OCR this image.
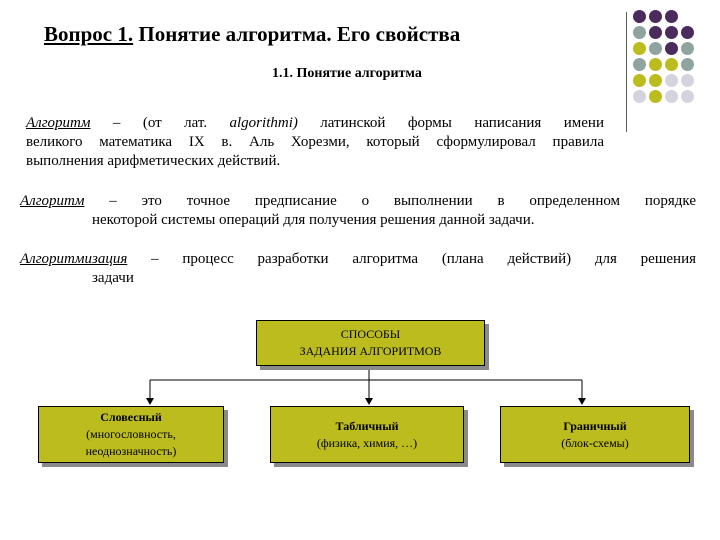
Вопрос 1. Понятие алгоритма. Его свойства
1.1. Понятие алгоритма
Алгоритм – (от лат. algorithmi) латинской формы написания имени
великого математика IX в. Аль Хорезми, который сформулировал правила
выполнения арифметических действий.
Алгоритм – это точное предписание о выполнении в определенном порядке
некоторой системы операций для получения решения данной задачи.
Алгоритмизация – процесс разработки алгоритма (плана действий) для решения
задачи
СПОСОБЫ
ЗАДАНИЯ АЛГОРИТМОВ
Словесный
(многословность,
неоднозначность)
Табличный
(физика, химия, …)
Граничный
(блок-схемы)
